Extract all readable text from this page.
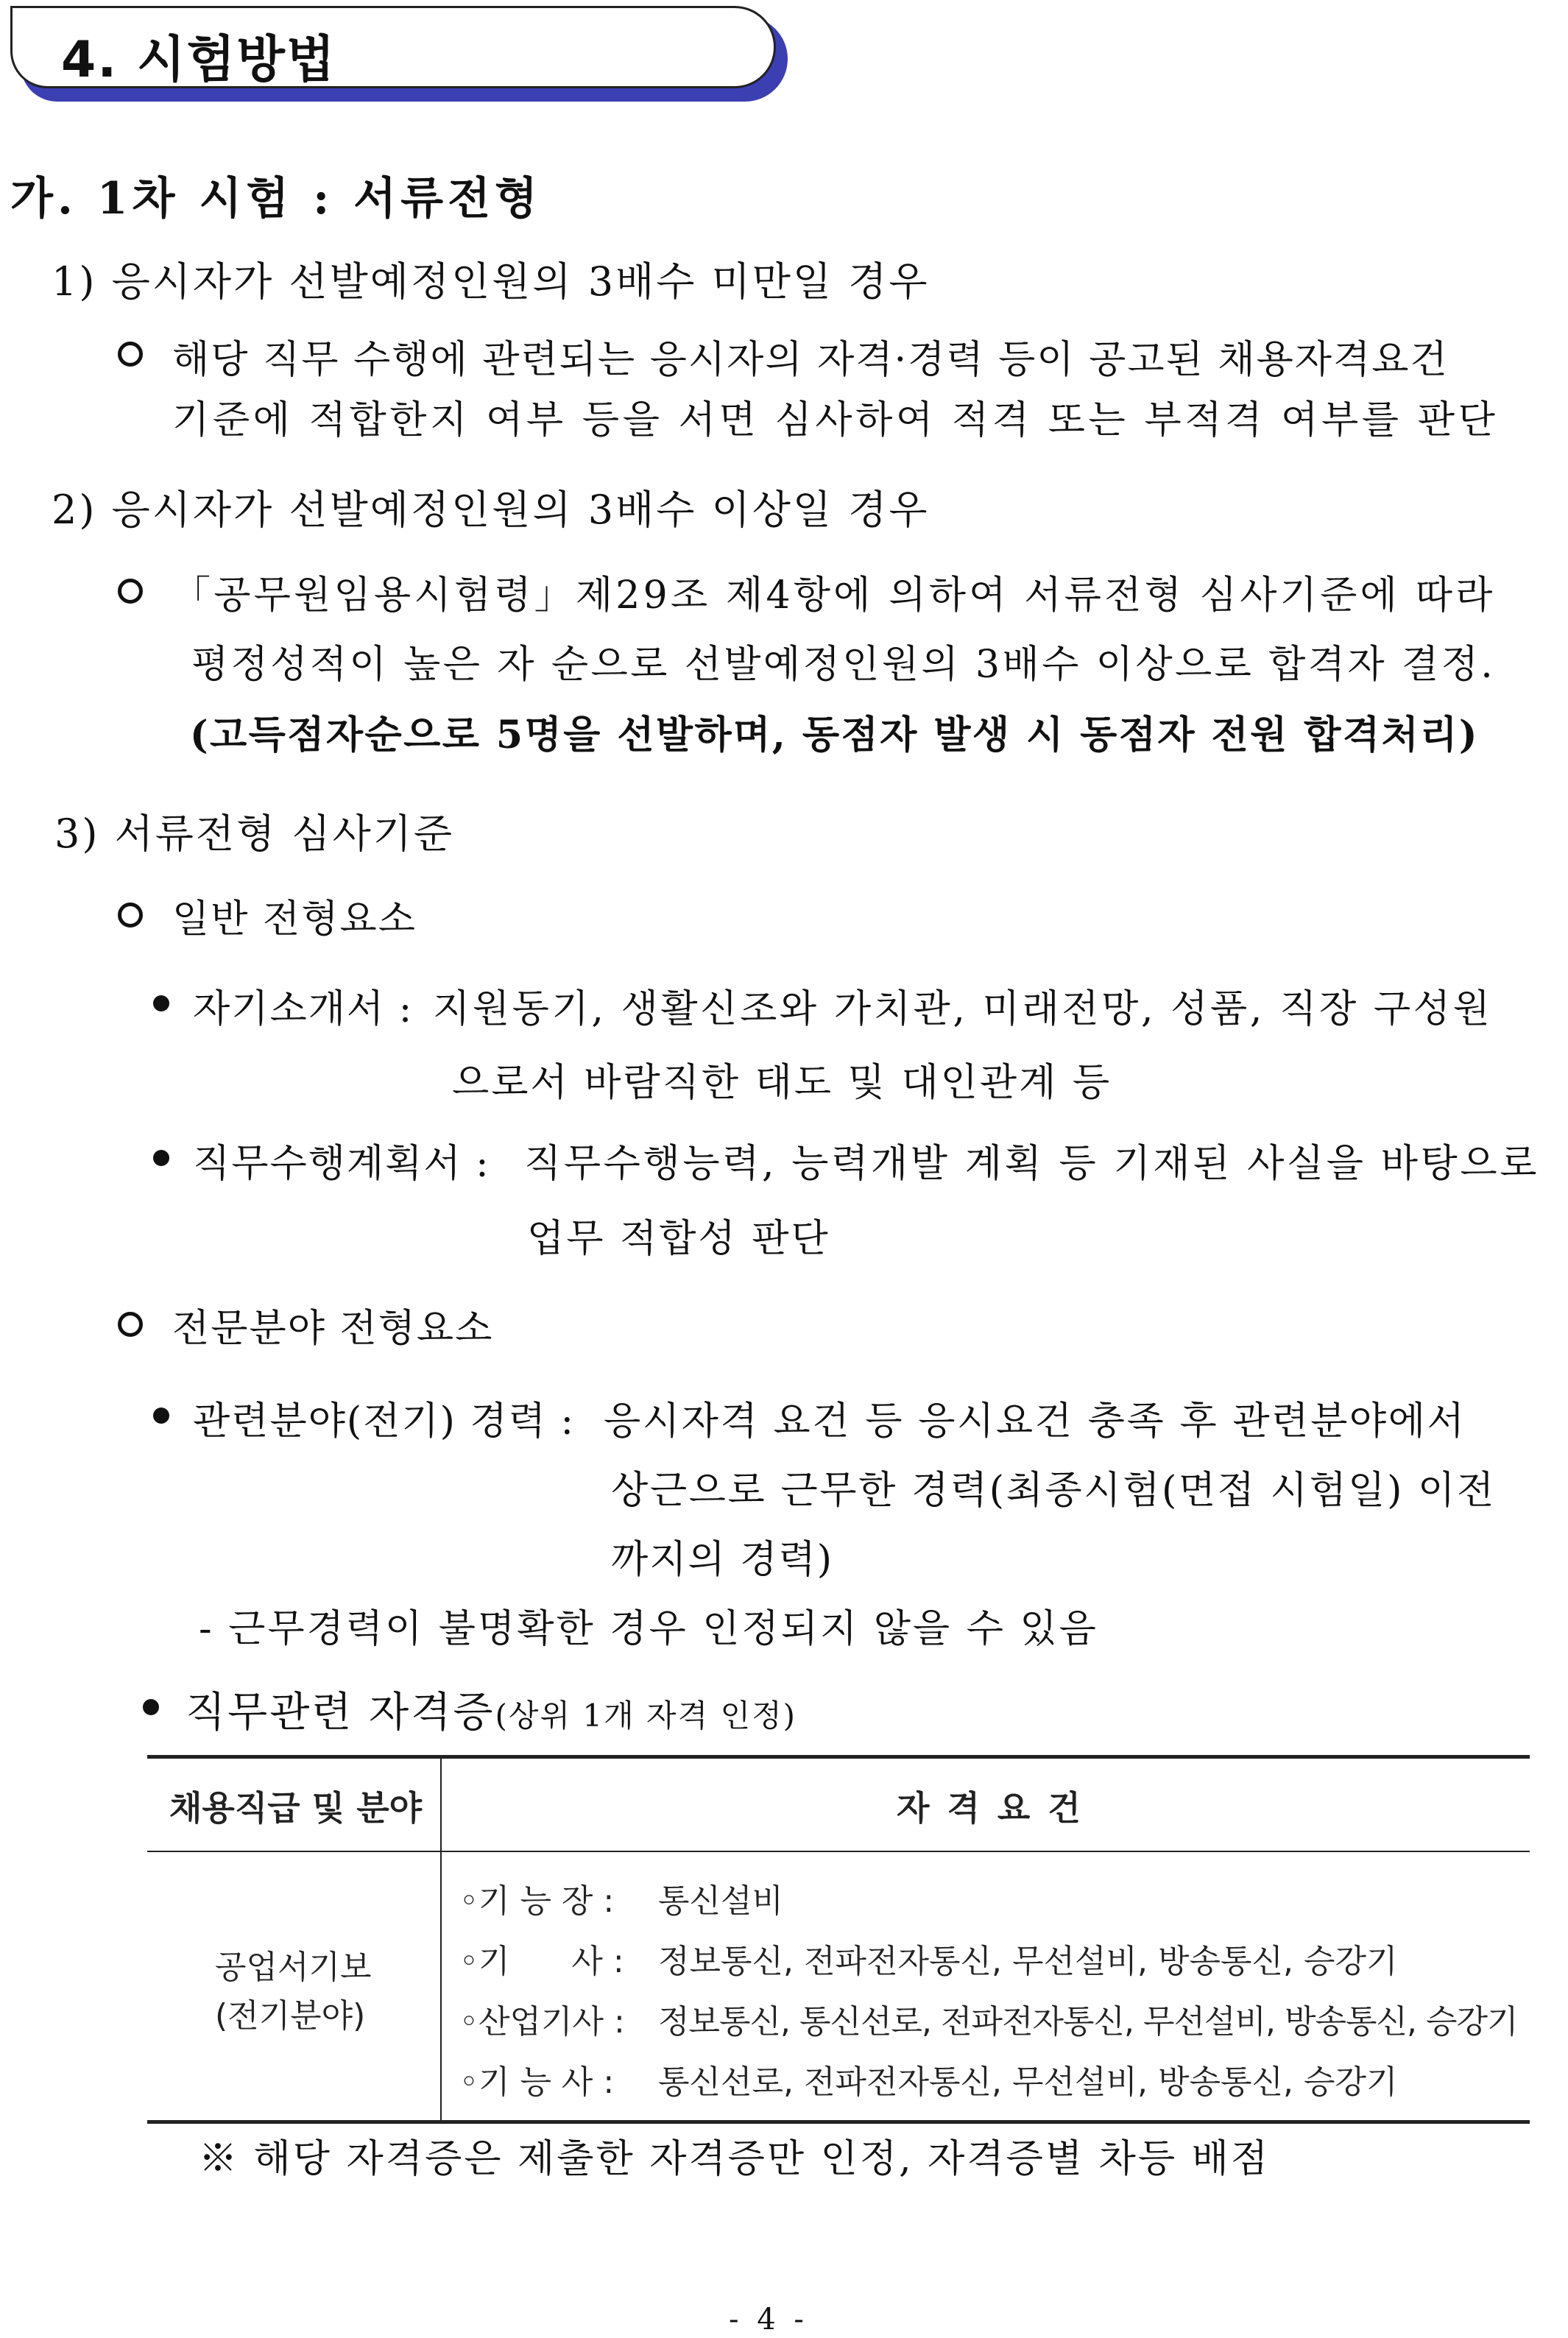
4. 시험방법
가. 1차 시험 : 서류전형
1) 응시자가 선발예정인원의 3배수 미만일 경우
해당 직무 수행에 관련되는 응시자의 자격·경력 등이 공고된 채용자격요건
기준에 적합한지 여부 등을 서면 심사하여 적격 또는 부적격 여부를 판단
2) 응시자가 선발예정인원의 3배수 이상일 경우
「공무원임용시험령」제29조 제4항에 의하여 서류전형 심사기준에 따라
평정성적이 높은 자 순으로 선발예정인원의 3배수 이상으로 합격자 결정.
(고득점자순으로 5명을 선발하며, 동점자 발생 시 동점자 전원 합격처리)
3) 서류전형 심사기준
일반 전형요소
자기소개서 : 지원동기, 생활신조와 가치관, 미래전망, 성품, 직장 구성원
으로서 바람직한 태도 및 대인관계 등
직무수행계획서 : 직무수행능력, 능력개발 계획 등 기재된 사실을 바탕으로
업무 적합성 판단
전문분야 전형요소
관련분야(전기) 경력 : 응시자격 요건 등 응시요건 충족 후 관련분야에서
상근으로 근무한 경력(최종시험(면접 시험일) 이전
까지의 경력)
- 근무경력이 불명확한 경우 인정되지 않을 수 있음
직무관련 자격증(상위 1개 자격 인정)
채용직급 및 분야	자 격 요 건
공업서기보
(전기분야)
◦기 능 장 : 통신설비
◦기      사 : 정보통신, 전파전자통신, 무선설비, 방송통신, 승강기
◦산업기사 : 정보통신, 통신선로, 전파전자통신, 무선설비, 방송통신, 승강기
◦기 능 사 : 통신선로, 전파전자통신, 무선설비, 방송통신, 승강기
※ 해당 자격증은 제출한 자격증만 인정, 자격증별 차등 배점
- 4 -
